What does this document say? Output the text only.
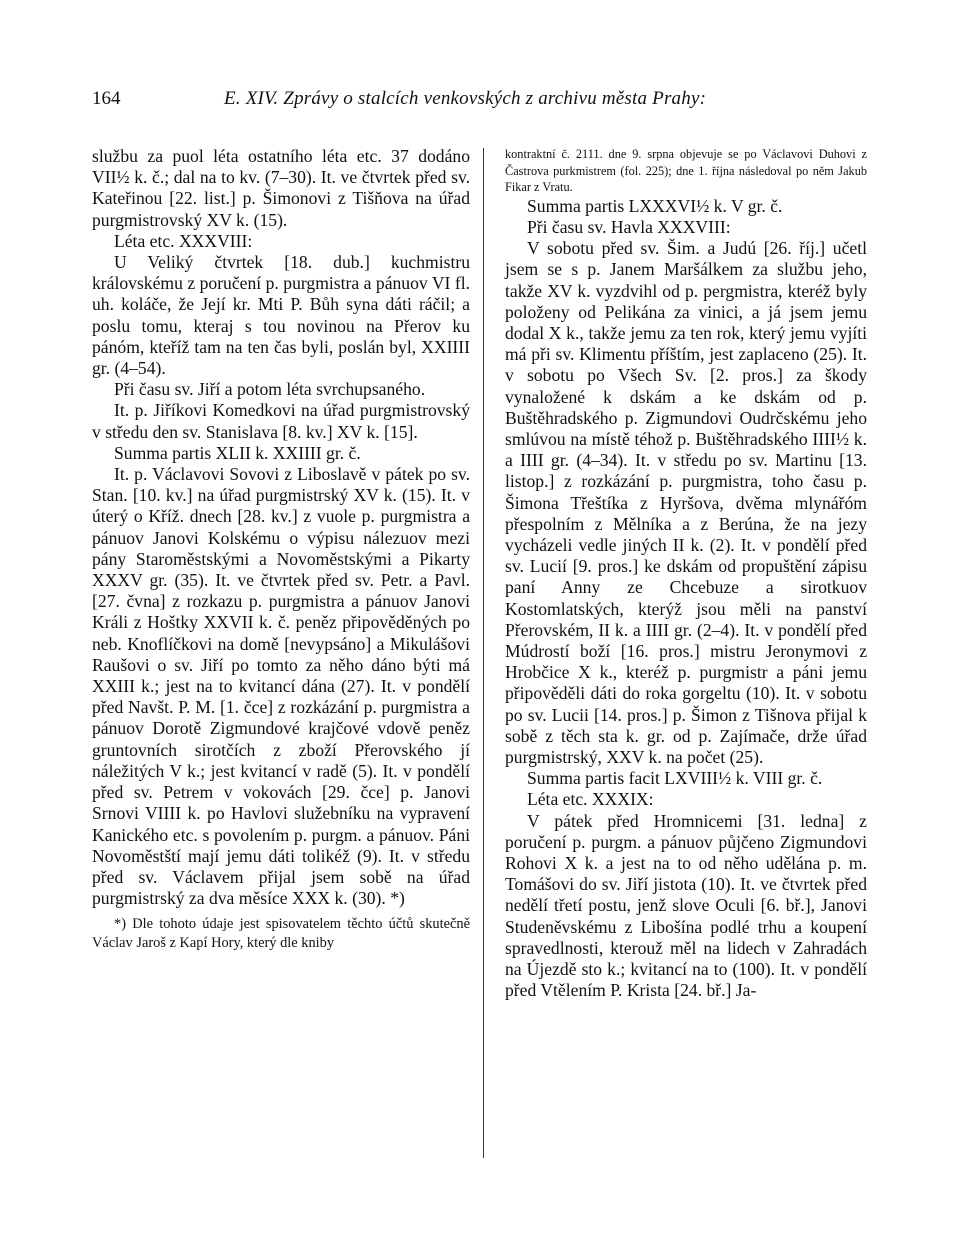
164	E. XIV. Zprávy o stalcích venkovských z archivu města Prahy:

službu za puol léta ostatního léta etc. 37 dodáno VII½ k. č.; dal na to kv. (7–30). It. ve čtvrtek před sv. Kateřinou [22. list.] p. Šimonovi z Tišňova na úřad purgmistrovský XV k. (15).

Léta etc. XXXVIII:

U Veliký čtvrtek [18. dub.] kuchmistru královskému z poručení p. purgmistra a pánuov VI fl. uh. koláče, že Její kr. Mti P. Bůh syna dáti ráčil; a poslu tomu, kteraj s tou novinou na Přerov ku pánóm, kteříž tam na ten čas byli, poslán byl, XXIIII gr. (4–54).

Při času sv. Jiří a potom léta svrchupsaného.

It. p. Jiříkovi Komedkovi na úřad purgmistrovský v středu den sv. Stanislava [8. kv.] XV k. [15].

Summa partis XLII k. XXIIII gr. č.

It. p. Václavovi Sovovi z Liboslavě v pátek po sv. Stan. [10. kv.] na úřad purgmistrský XV k. (15). It. v úterý o Kříž. dnech [28. kv.] z vuole p. purgmistra a pánuov Janovi Kolskému o výpisu nálezuov mezi pány Staroměstskými a Novoměstskými a Pikarty XXXV gr. (35). It. ve čtvrtek před sv. Petr. a Pavl. [27. čvna] z rozkazu p. purgmistra a pánuov Janovi Králi z Hoštky XXVII k. č. peněz připověděných po neb. Knoflíčkovi na domě [nevypsáno] a Mikulášovi Raušovi o sv. Jiří po tomto za něho dáno býti má XXIII k.; jest na to kvitancí dána (27). It. v pondělí před Navšt. P. M. [1. čce] z rozkázání p. purgmistra a pánuov Dorotě Zigmundové krajčové vdově peněz gruntovních sirotčích z zboží Přerovského jí náležitých V k.; jest kvitancí v radě (5). It. v pondělí před sv. Petrem v vokovách [29. čce] p. Janovi Srnovi VIIII k. po Havlovi služebníku na vypravení Kanického etc. s povolením p. purgm. a pánuov. Páni Novoměstští mají jemu dáti tolikéž (9). It. v středu před sv. Václavem přijal jsem sobě na úřad purgmistrský za dva měsíce XXX k. (30). *)

*) Dle tohoto údaje jest spisovatelem těchto účtů skutečně Václav Jaroš z Kapí Hory, který dle kniby

kontraktní č. 2111. dne 9. srpna objevuje se po Václavovi Duhovi z Častrova purkmistrem (fol. 225); dne 1. října následoval po něm Jakub Fikar z Vratu.

Summa partis LXXXVI½ k. V gr. č.

Při času sv. Havla XXXVIII:

V sobotu před sv. Šim. a Judú [26. říj.] učetl jsem se s p. Janem Maršálkem za službu jeho, takže XV k. vyzdvihl od p. pergmistra, kteréž byly položeny od Pelikána za vinici, a já jsem jemu dodal X k., takže jemu za ten rok, který jemu vyjíti má při sv. Klimentu příštím, jest zaplaceno (25). It. v sobotu po Všech Sv. [2. pros.] za škody vynaložené k dskám a ke dskám od p. Buštěhradského p. Zigmundovi Oudrčskému jeho smlúvou na místě téhož p. Buštěhradského IIII½ k. a IIII gr. (4–34). It. v středu po sv. Martinu [13. listop.] z rozkázání p. purgmistra, toho času p. Šimona Třeštíka z Hyršova, dvěma mlynářóm přespolním z Mělníka a z Berúna, že na jezy vycházeli vedle jiných II k. (2). It. v pondělí před sv. Lucií [9. pros.] ke dskám od propuštění zápisu paní Anny ze Chcebuze a sirotkuov Kostomlatských, kterýž jsou měli na panství Přerovském, II k. a IIII gr. (2–4). It. v pondělí před Múdrostí boží [16. pros.] mistru Jeronymovi z Hrobčice X k., kteréž p. purgmistr a páni jemu připověděli dáti do roka gorgeltu (10). It. v sobotu po sv. Lucii [14. pros.] p. Šimon z Tišnova přijal k sobě z těch sta k. gr. od p. Zajímače, drže úřad purgmistrský, XXV k. na počet (25).

Summa partis facit LXVIII½ k. VIII gr. č.

Léta etc. XXXIX:

V pátek před Hromnicemi [31. ledna] z poručení p. purgm. a pánuov půjčeno Zigmundovi Rohovi X k. a jest na to od něho udělána p. m. Tomášovi do sv. Jiří jistota (10). It. ve čtvrtek před nedělí třetí postu, jenž slove Oculi [6. bř.], Janovi Studeněvskému z Libošína podlé trhu a koupení spravedlnosti, kterouž měl na lidech v Zahradách na Újezdě sto k.; kvitancí na to (100). It. v pondělí před Vtělením P. Krista [24. bř.] Ja-
